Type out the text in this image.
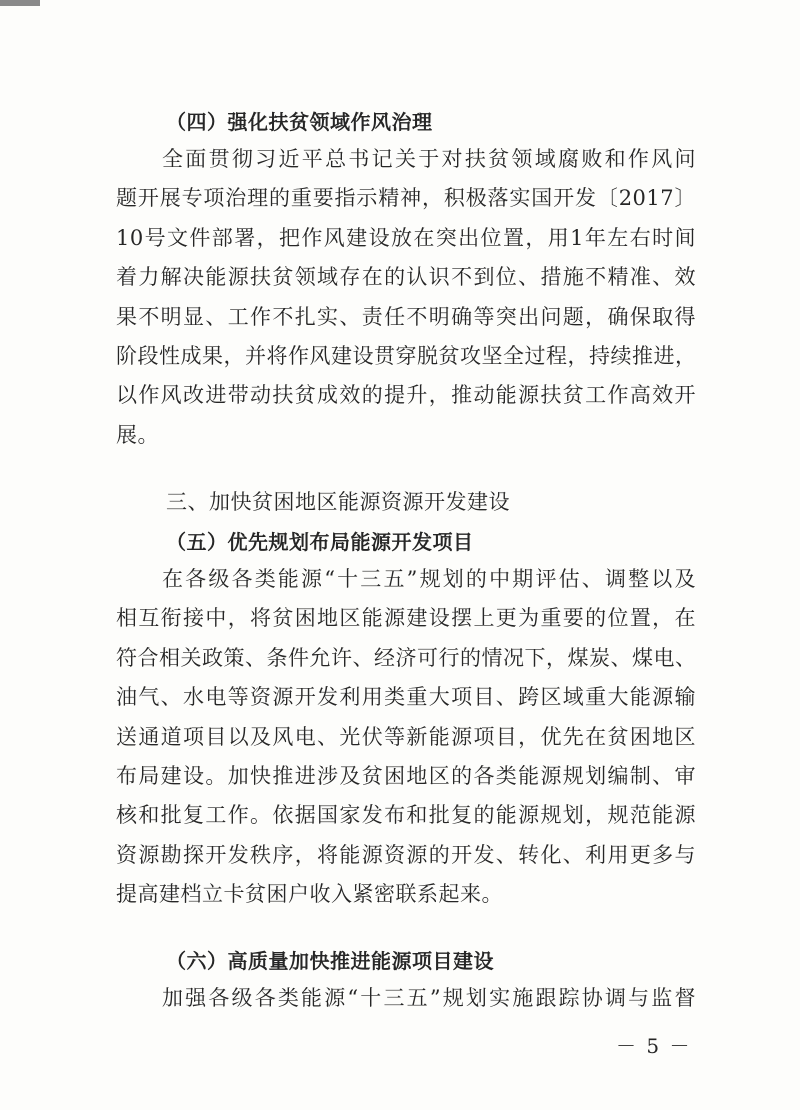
（四）强化扶贫领域作风治理
全面贯彻习近平总书记关于对扶贫领域腐败和作风问
题开展专项治理的重要指示精神，积极落实国开发〔2017〕
10号文件部署，把作风建设放在突出位置，用1年左右时间
着力解决能源扶贫领域存在的认识不到位、措施不精准、效
果不明显、工作不扎实、责任不明确等突出问题，确保取得
阶段性成果，并将作风建设贯穿脱贫攻坚全过程，持续推进，
以作风改进带动扶贫成效的提升，推动能源扶贫工作高效开
展。
三、加快贫困地区能源资源开发建设
（五）优先规划布局能源开发项目
在各级各类能源“十三五”规划的中期评估、调整以及
相互衔接中，将贫困地区能源建设摆上更为重要的位置，在
符合相关政策、条件允许、经济可行的情况下，煤炭、煤电、
油气、水电等资源开发利用类重大项目、跨区域重大能源输
送通道项目以及风电、光伏等新能源项目，优先在贫困地区
布局建设。加快推进涉及贫困地区的各类能源规划编制、审
核和批复工作。依据国家发布和批复的能源规划，规范能源
资源勘探开发秩序，将能源资源的开发、转化、利用更多与
提高建档立卡贫困户收入紧密联系起来。
（六）高质量加快推进能源项目建设
加强各级各类能源“十三五”规划实施跟踪协调与监督
－ 5 －
